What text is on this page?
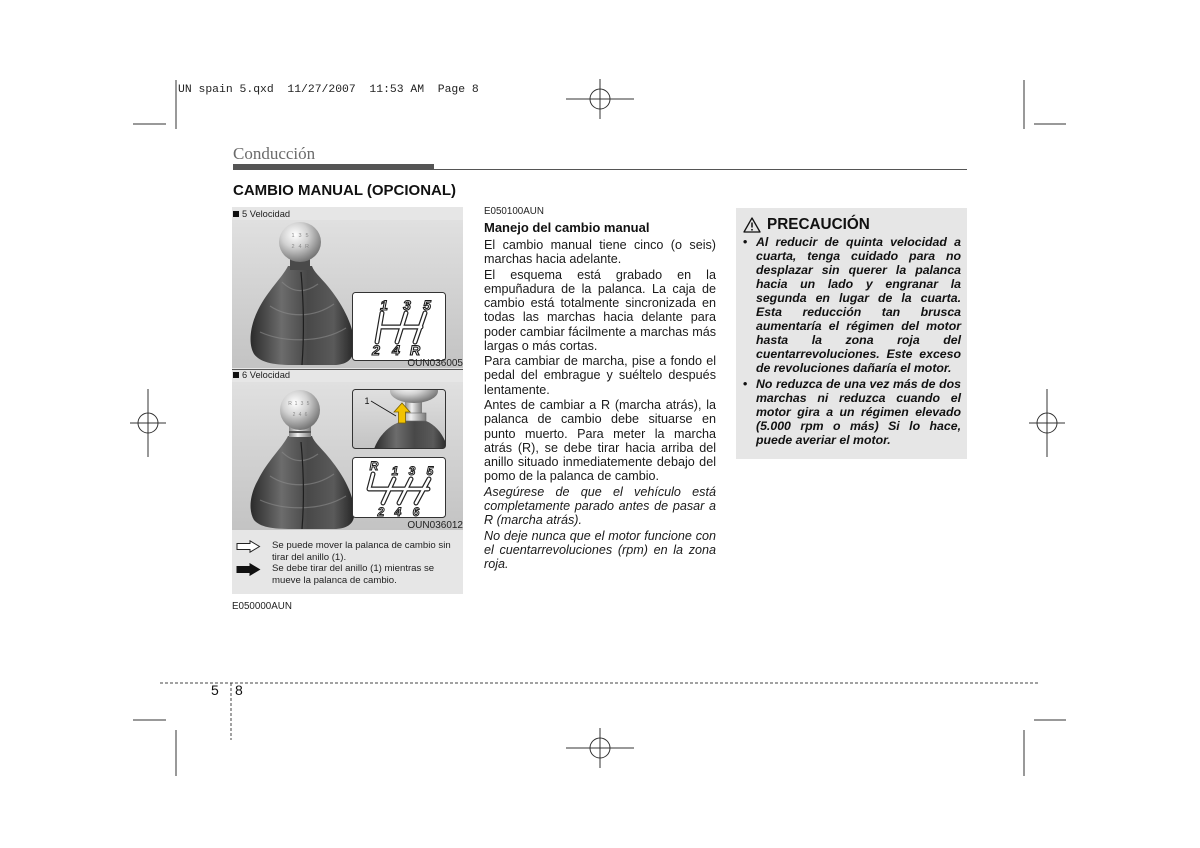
UN spain 5.qxd  11/27/2007  11:53 AM  Page 8
Conducción
CAMBIO MANUAL (OPCIONAL)
5 Velocidad
1 3 5
2 4 R
1 3 5
2 4 R
OUN036005
6 Velocidad
R 1 3 5
2 4 6
1
R 1 3 5
2 4 6
OUN036012
Se puede mover la palanca de cambio sin tirar del anillo (1).
Se debe tirar del anillo (1) mientras se mueve la palanca de cambio.
E050000AUN
E050100AUN
Manejo del cambio manual

El cambio manual tiene cinco (o seis) marchas hacia adelante.

El esquema está grabado en la empuñadura de la palanca. La caja de cambio está totalmente sincronizada en todas las marchas hacia delante para poder cambiar fácilmente a marchas más largas o más cortas.

Para cambiar de marcha, pise a fondo el pedal del embrague y suéltelo después lentamente.

Antes de cambiar a R (marcha atrás), la palanca de cambio debe situarse en punto muerto. Para meter la marcha atrás (R), se debe tirar hacia arriba del anillo situado inmediatemente debajo del pomo de la palanca de cambio.

Asegúrese de que el vehículo está completamente parado antes de pasar a R (marcha atrás).

No deje nunca que el motor funcione con el cuentarrevoluciones (rpm) en la zona roja.

PRECAUCIÓN
• Al reducir de quinta velocidad a cuarta, tenga cuidado para no desplazar sin querer la palanca hacia un lado y engranar la segunda en lugar de la cuarta. Esta reducción tan brusca aumentaría el régimen del motor hasta la zona roja del cuentarrevoluciones. Este exceso de revoluciones dañaría el motor.
• No reduzca de una vez más de dos marchas ni reduzca cuando el motor gira a un régimen elevado (5.000 rpm o más) Si lo hace, puede averiar el motor.
5 8
